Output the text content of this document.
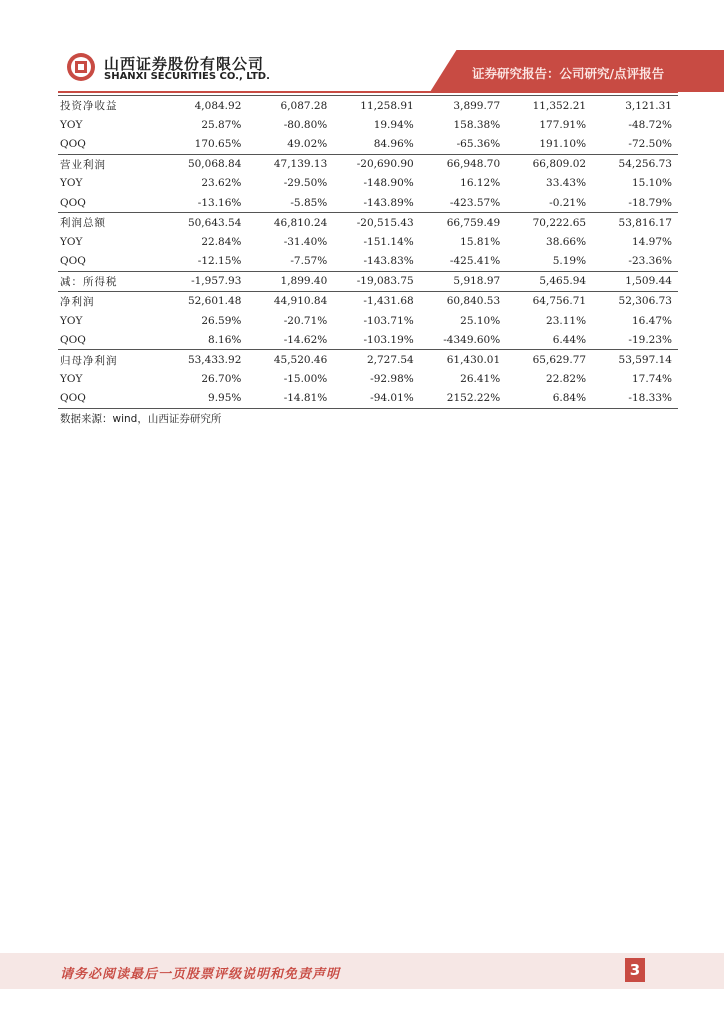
山西证券股份有限公司
SHANXI SECURITIES CO., LTD.	证券研究报告：公司研究/点评报告
投资净收益	4,084.92	6,087.28	11,258.91	3,899.77	11,352.21	3,121.31
YOY	25.87%	-80.80%	19.94%	158.38%	177.91%	-48.72%
QOQ	170.65%	49.02%	84.96%	-65.36%	191.10%	-72.50%
营业利润	50,068.84	47,139.13	-20,690.90	66,948.70	66,809.02	54,256.73
YOY	23.62%	-29.50%	-148.90%	16.12%	33.43%	15.10%
QOQ	-13.16%	-5.85%	-143.89%	-423.57%	-0.21%	-18.79%
利润总额	50,643.54	46,810.24	-20,515.43	66,759.49	70,222.65	53,816.17
YOY	22.84%	-31.40%	-151.14%	15.81%	38.66%	14.97%
QOQ	-12.15%	-7.57%	-143.83%	-425.41%	5.19%	-23.36%
减：所得税	-1,957.93	1,899.40	-19,083.75	5,918.97	5,465.94	1,509.44
净利润	52,601.48	44,910.84	-1,431.68	60,840.53	64,756.71	52,306.73
YOY	26.59%	-20.71%	-103.71%	25.10%	23.11%	16.47%
QOQ	8.16%	-14.62%	-103.19%	-4349.60%	6.44%	-19.23%
归母净利润	53,433.92	45,520.46	2,727.54	61,430.01	65,629.77	53,597.14
YOY	26.70%	-15.00%	-92.98%	26.41%	22.82%	17.74%
QOQ	9.95%	-14.81%	-94.01%	2152.22%	6.84%	-18.33%
数据来源：wind，山西证券研究所
请务必阅读最后一页股票评级说明和免责声明	3
